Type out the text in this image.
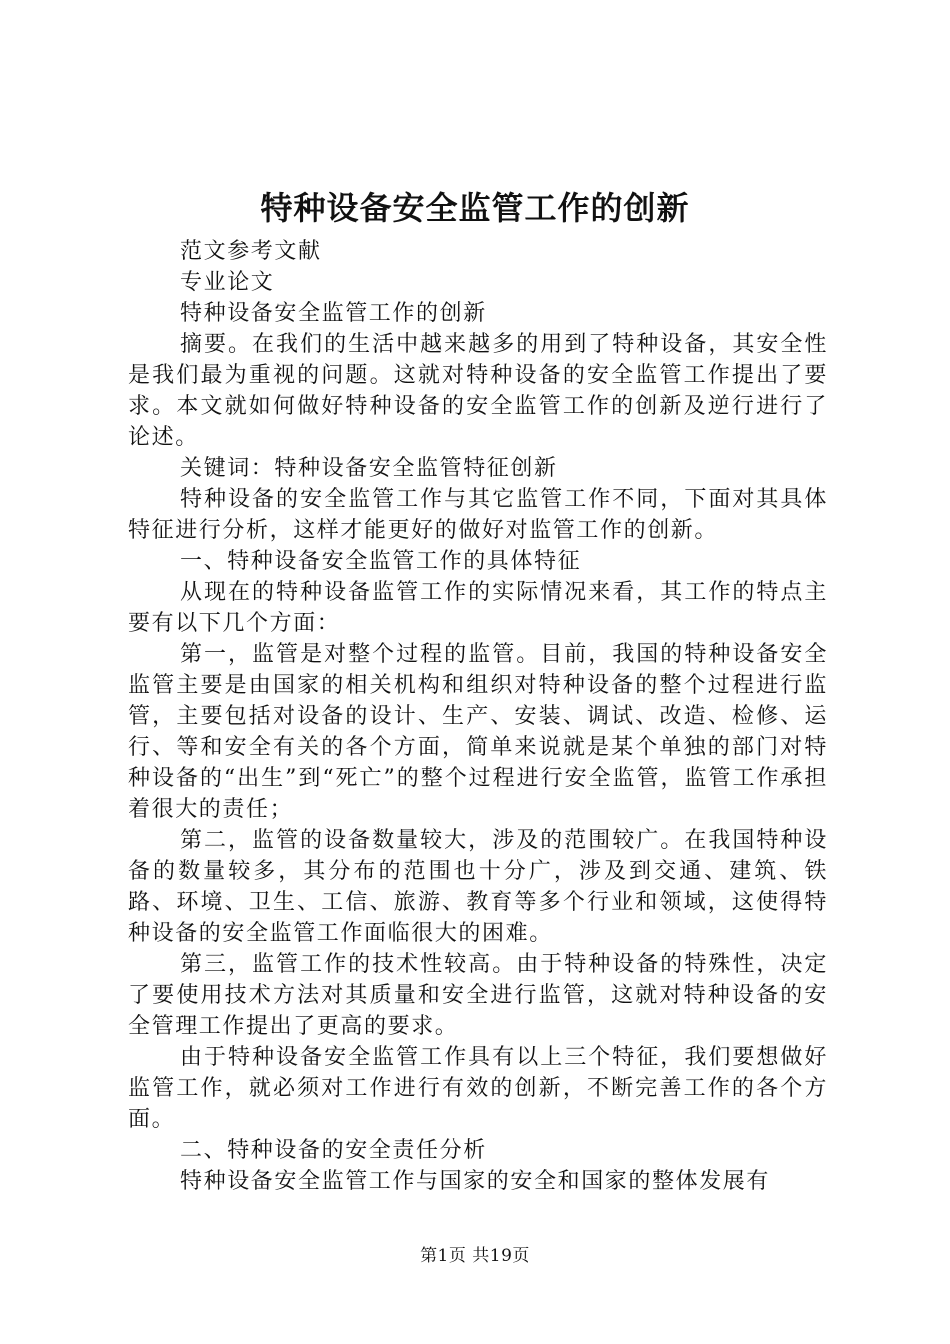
特种设备安全监管工作的创新

范文参考文献

专业论文

特种设备安全监管工作的创新

摘要。在我们的生活中越来越多的用到了特种设备，其安全性是我们最为重视的问题。这就对特种设备的安全监管工作提出了要求。本文就如何做好特种设备的安全监管工作的创新及逆行进行了论述。

关键词：特种设备安全监管特征创新

特种设备的安全监管工作与其它监管工作不同，下面对其具体特征进行分析，这样才能更好的做好对监管工作的创新。

一、特种设备安全监管工作的具体特征

从现在的特种设备监管工作的实际情况来看，其工作的特点主要有以下几个方面：

第一，监管是对整个过程的监管。目前，我国的特种设备安全监管主要是由国家的相关机构和组织对特种设备的整个过程进行监管，主要包括对设备的设计、生产、安装、调试、改造、检修、运行、等和安全有关的各个方面，简单来说就是某个单独的部门对特种设备的“出生”到“死亡”的整个过程进行安全监管，监管工作承担着很大的责任；

第二，监管的设备数量较大，涉及的范围较广。在我国特种设备的数量较多，其分布的范围也十分广，涉及到交通、建筑、铁路、环境、卫生、工信、旅游、教育等多个行业和领域，这使得特种设备的安全监管工作面临很大的困难。

第三，监管工作的技术性较高。由于特种设备的特殊性，决定了要使用技术方法对其质量和安全进行监管，这就对特种设备的安全管理工作提出了更高的要求。

由于特种设备安全监管工作具有以上三个特征，我们要想做好监管工作，就必须对工作进行有效的创新，不断完善工作的各个方面。

二、特种设备的安全责任分析

特种设备安全监管工作与国家的安全和国家的整体发展有

第1页 共19页
